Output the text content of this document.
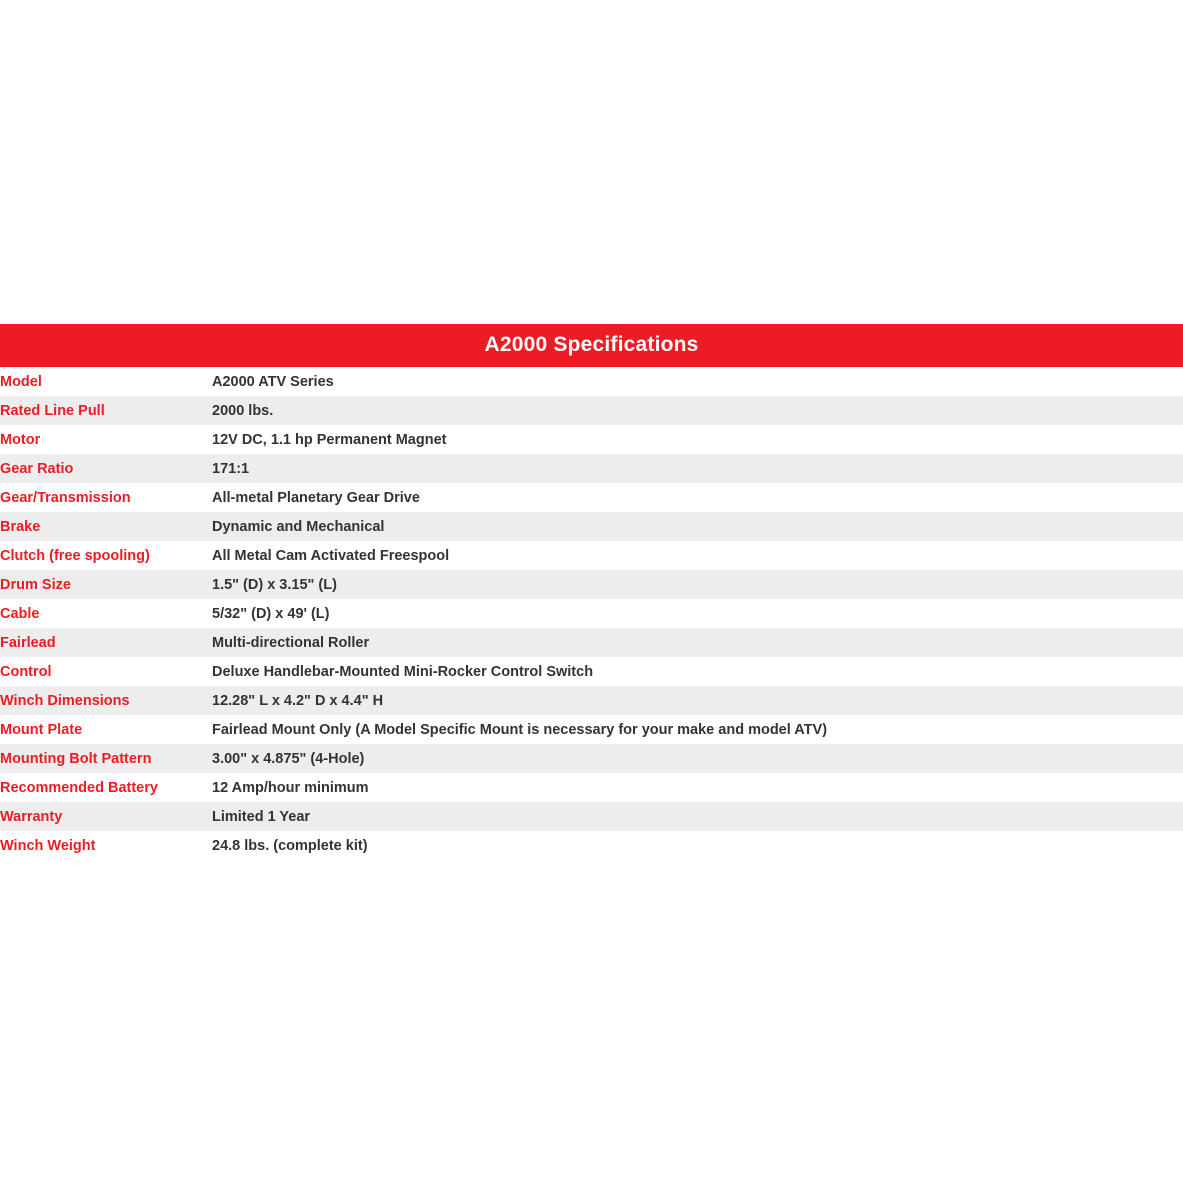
A2000 Specifications
Model	A2000 ATV Series
Rated Line Pull	2000 lbs.
Motor	12V DC, 1.1 hp Permanent Magnet
Gear Ratio	171:1
Gear/Transmission	All-metal Planetary Gear Drive
Brake	Dynamic and Mechanical
Clutch (free spooling)	All Metal Cam Activated Freespool
Drum Size	1.5" (D) x 3.15" (L)
Cable	5/32" (D) x 49' (L)
Fairlead	Multi-directional Roller
Control	Deluxe Handlebar-Mounted Mini-Rocker Control Switch
Winch Dimensions	12.28" L x 4.2" D x 4.4" H
Mount Plate	Fairlead Mount Only (A Model Specific Mount is necessary for your make and model ATV)
Mounting Bolt Pattern	3.00" x 4.875" (4-Hole)
Recommended Battery	12 Amp/hour minimum
Warranty	Limited 1 Year
Winch Weight	24.8 lbs. (complete kit)
